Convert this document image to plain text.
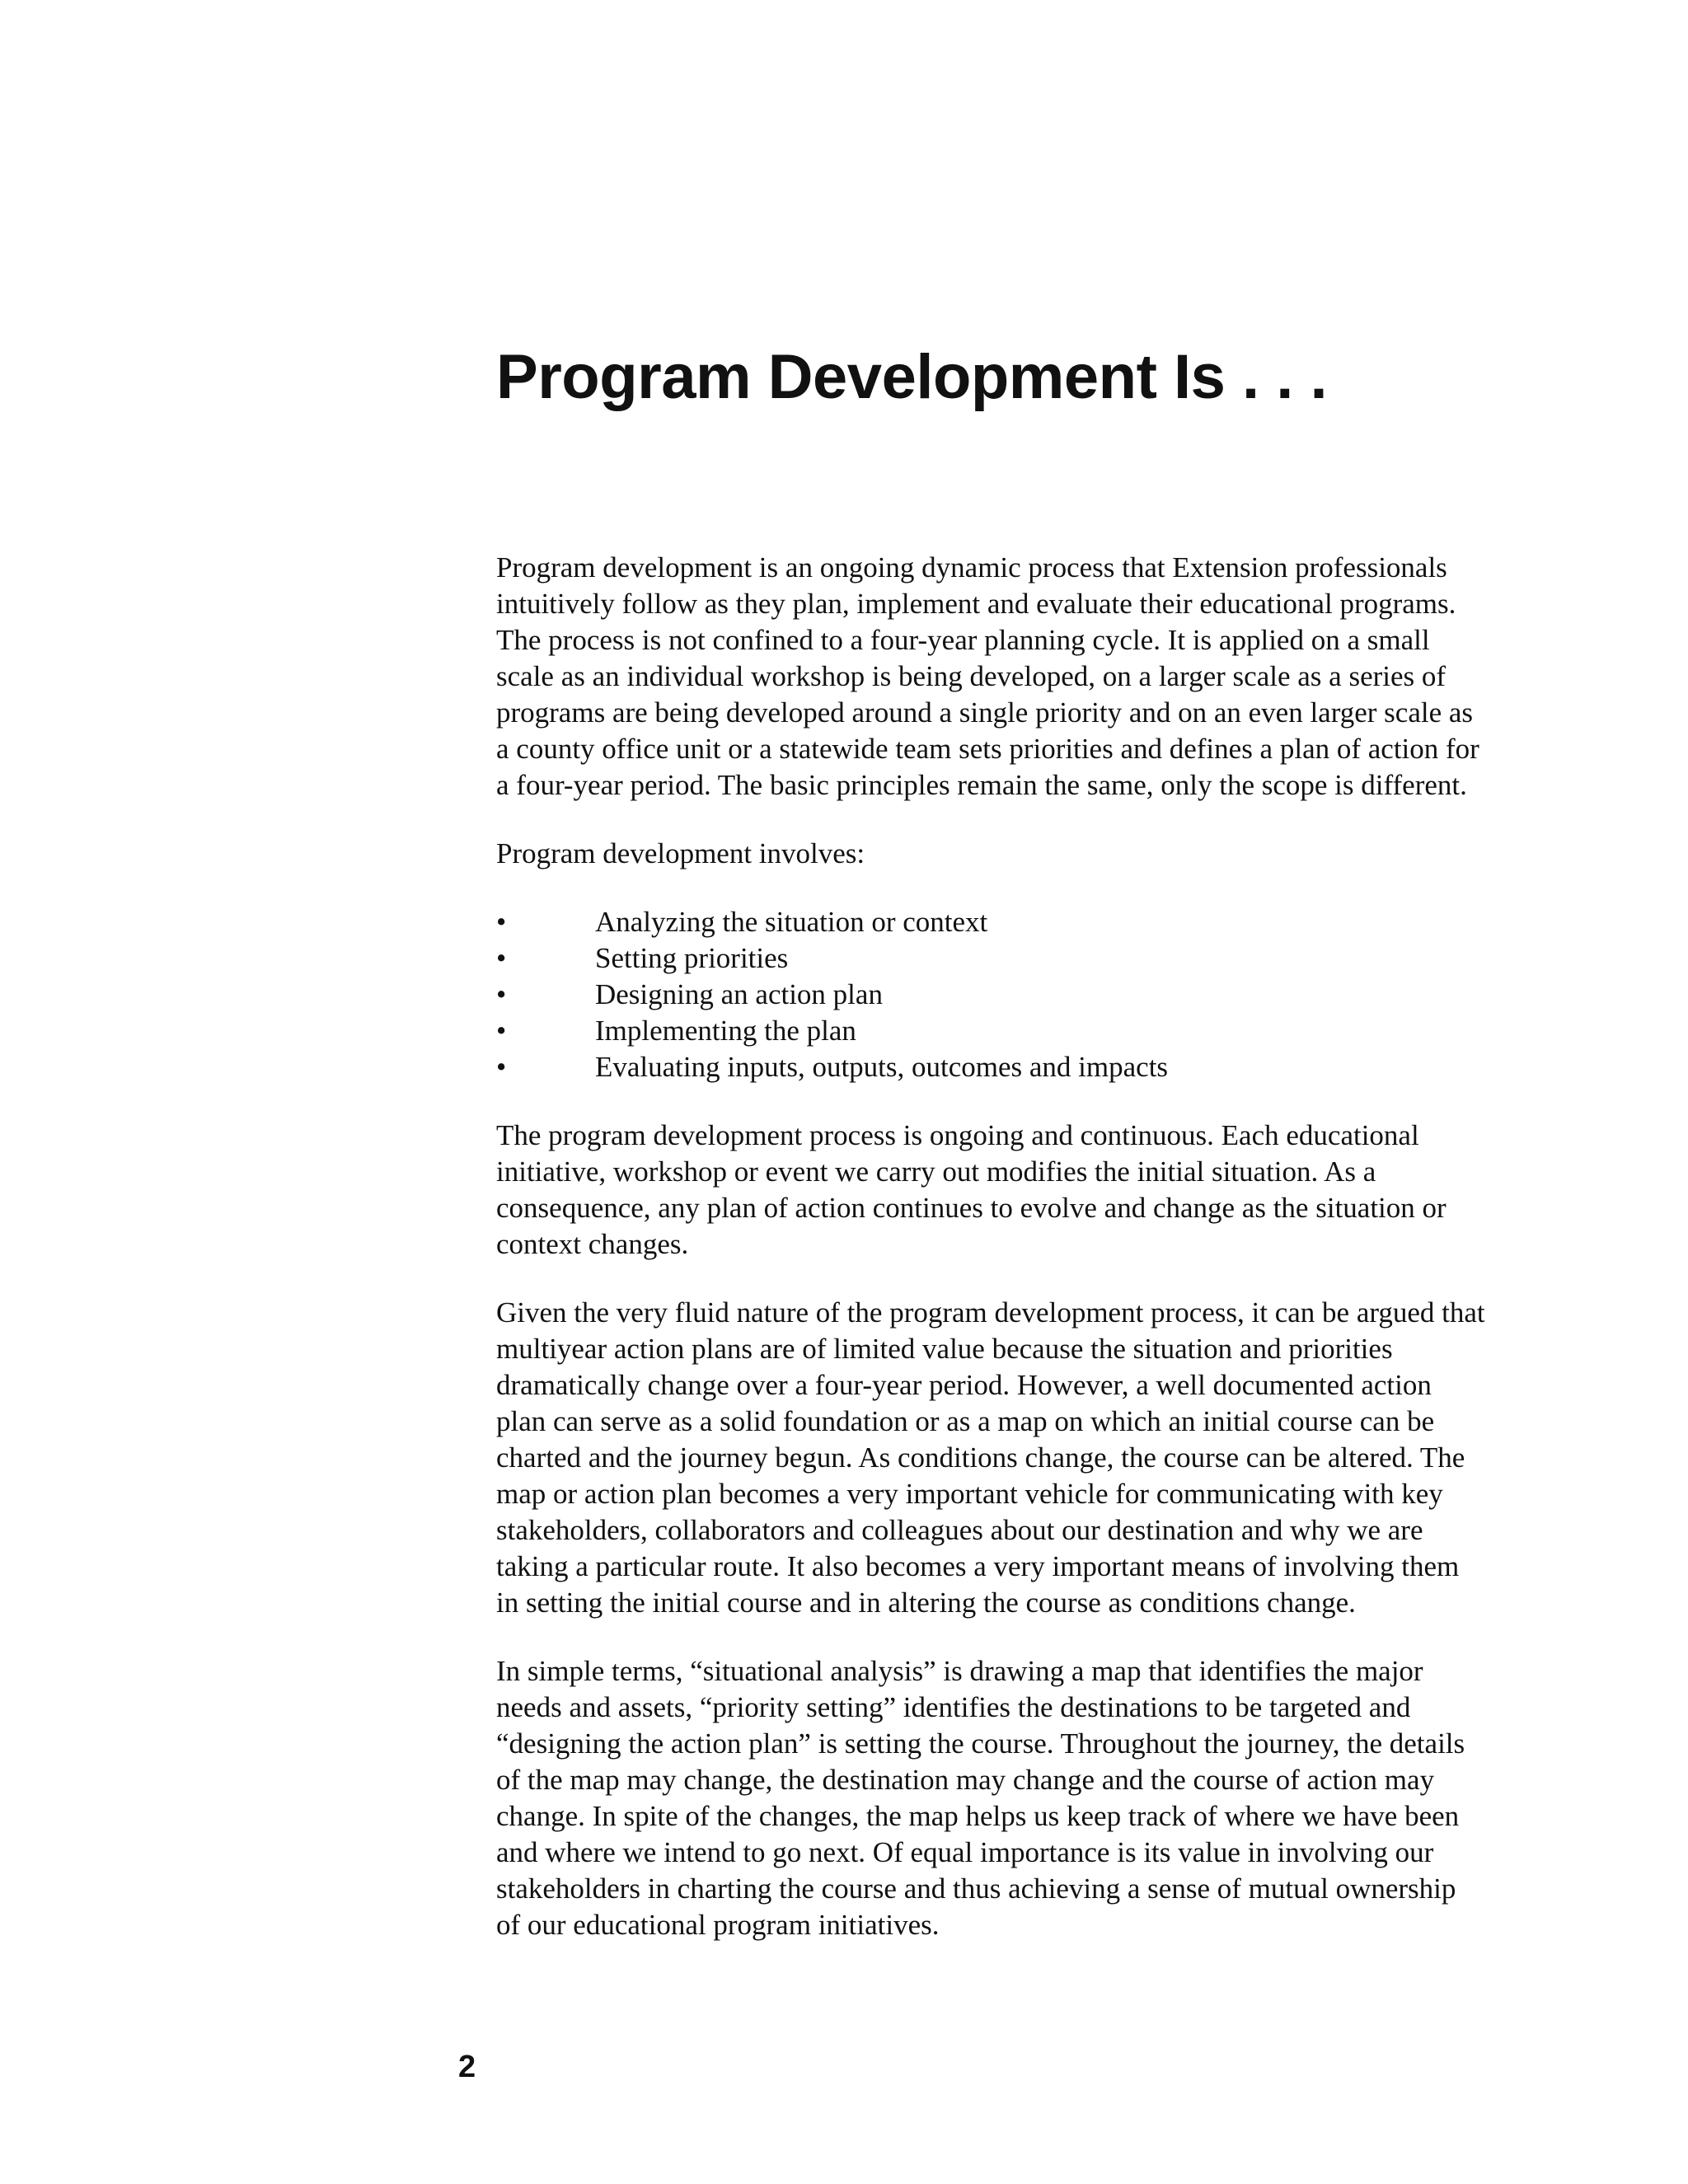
Program Development Is . . .

Program development is an ongoing dynamic process that Extension professionals intuitively follow as they plan, implement and evaluate their educational programs. The process is not confined to a four-year planning cycle. It is applied on a small scale as an individual workshop is being developed, on a larger scale as a series of programs are being developed around a single priority and on an even larger scale as a county office unit or a statewide team sets priorities and defines a plan of action for a four-year period. The basic principles remain the same, only the scope is different.

Program development involves:

•	Analyzing the situation or context
•	Setting priorities
•	Designing an action plan
•	Implementing the plan
•	Evaluating inputs, outputs, outcomes and impacts

The program development process is ongoing and continuous. Each educational initiative, workshop or event we carry out modifies the initial situation. As a consequence, any plan of action continues to evolve and change as the situation or context changes.

Given the very fluid nature of the program development process, it can be argued that multiyear action plans are of limited value because the situation and priorities dramatically change over a four-year period. However, a well documented action plan can serve as a solid foundation or as a map on which an initial course can be charted and the journey begun. As conditions change, the course can be altered. The map or action plan becomes a very important vehicle for communicating with key stakeholders, collaborators and colleagues about our destination and why we are taking a particular route. It also becomes a very important means of involving them in setting the initial course and in altering the course as conditions change.

In simple terms, “situational analysis” is drawing a map that identifies the major needs and assets, “priority setting” identifies the destinations to be targeted and “designing the action plan” is setting the course. Throughout the journey, the details of the map may change, the destination may change and the course of action may change. In spite of the changes, the map helps us keep track of where we have been and where we intend to go next. Of equal importance is its value in involving our stakeholders in charting the course and thus achieving a sense of mutual ownership of our educational program initiatives.

2
